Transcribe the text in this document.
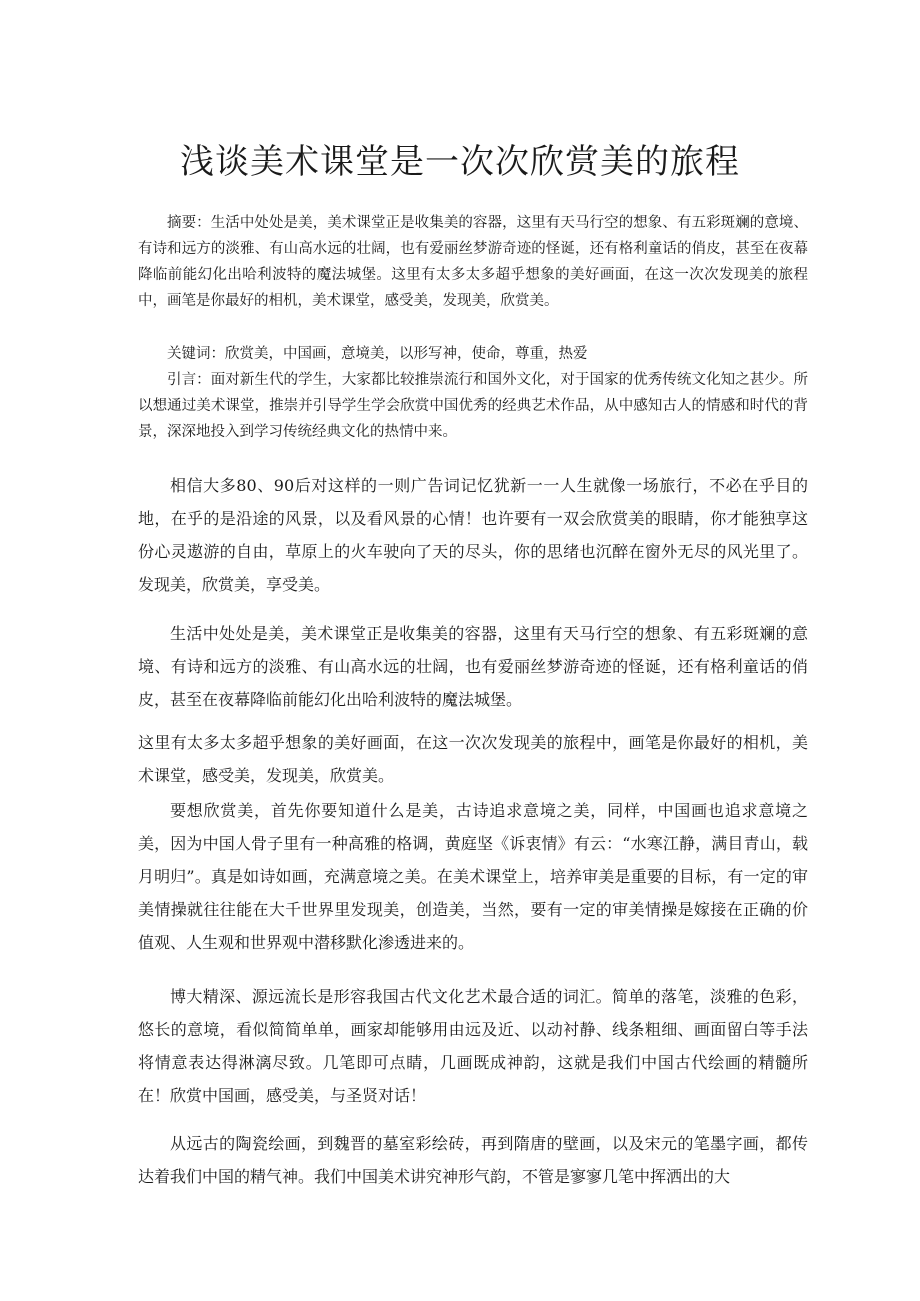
浅谈美术课堂是一次次欣赏美的旅程

摘要：生活中处处是美，美术课堂正是收集美的容器，这里有天马行空的想象、有五彩斑斓的意境、有诗和远方的淡雅、有山高水远的壮阔，也有爱丽丝梦游奇迹的怪诞，还有格利童话的俏皮，甚至在夜幕降临前能幻化出哈利波特的魔法城堡。这里有太多太多超乎想象的美好画面，在这一次次发现美的旅程中，画笔是你最好的相机，美术课堂，感受美，发现美，欣赏美。

关键词：欣赏美，中国画，意境美，以形写神，使命，尊重，热爱

引言：面对新生代的学生，大家都比较推崇流行和国外文化，对于国家的优秀传统文化知之甚少。所以想通过美术课堂，推崇并引导学生学会欣赏中国优秀的经典艺术作品，从中感知古人的情感和时代的背景，深深地投入到学习传统经典文化的热情中来。

相信大多80、90后对这样的一则广告词记忆犹新一一人生就像一场旅行，不必在乎目的地，在乎的是沿途的风景，以及看风景的心情！也许要有一双会欣赏美的眼睛，你才能独享这份心灵遨游的自由，草原上的火车驶向了天的尽头，你的思绪也沉醉在窗外无尽的风光里了。发现美，欣赏美，享受美。

生活中处处是美，美术课堂正是收集美的容器，这里有天马行空的想象、有五彩斑斓的意境、有诗和远方的淡雅、有山高水远的壮阔，也有爱丽丝梦游奇迹的怪诞，还有格利童话的俏皮，甚至在夜幕降临前能幻化出哈利波特的魔法城堡。

这里有太多太多超乎想象的美好画面，在这一次次发现美的旅程中，画笔是你最好的相机，美术课堂，感受美，发现美，欣赏美。

要想欣赏美，首先你要知道什么是美，古诗追求意境之美，同样，中国画也追求意境之美，因为中国人骨子里有一种高雅的格调，黄庭坚《诉衷情》有云：“水寒江静，满目青山，载月明归”。真是如诗如画，充满意境之美。在美术课堂上，培养审美是重要的目标，有一定的审美情操就往往能在大千世界里发现美，创造美，当然，要有一定的审美情操是嫁接在正确的价值观、人生观和世界观中潜移默化渗透进来的。

博大精深、源远流长是形容我国古代文化艺术最合适的词汇。简单的落笔，淡雅的色彩，悠长的意境，看似简简单单，画家却能够用由远及近、以动衬静、线条粗细、画面留白等手法将情意表达得淋漓尽致。几笔即可点睛，几画既成神韵，这就是我们中国古代绘画的精髓所在！欣赏中国画，感受美，与圣贤对话！

从远古的陶瓷绘画，到魏晋的墓室彩绘砖，再到隋唐的壁画，以及宋元的笔墨字画，都传达着我们中国的精气神。我们中国美术讲究神形气韵，不管是寥寥几笔中挥洒出的大
